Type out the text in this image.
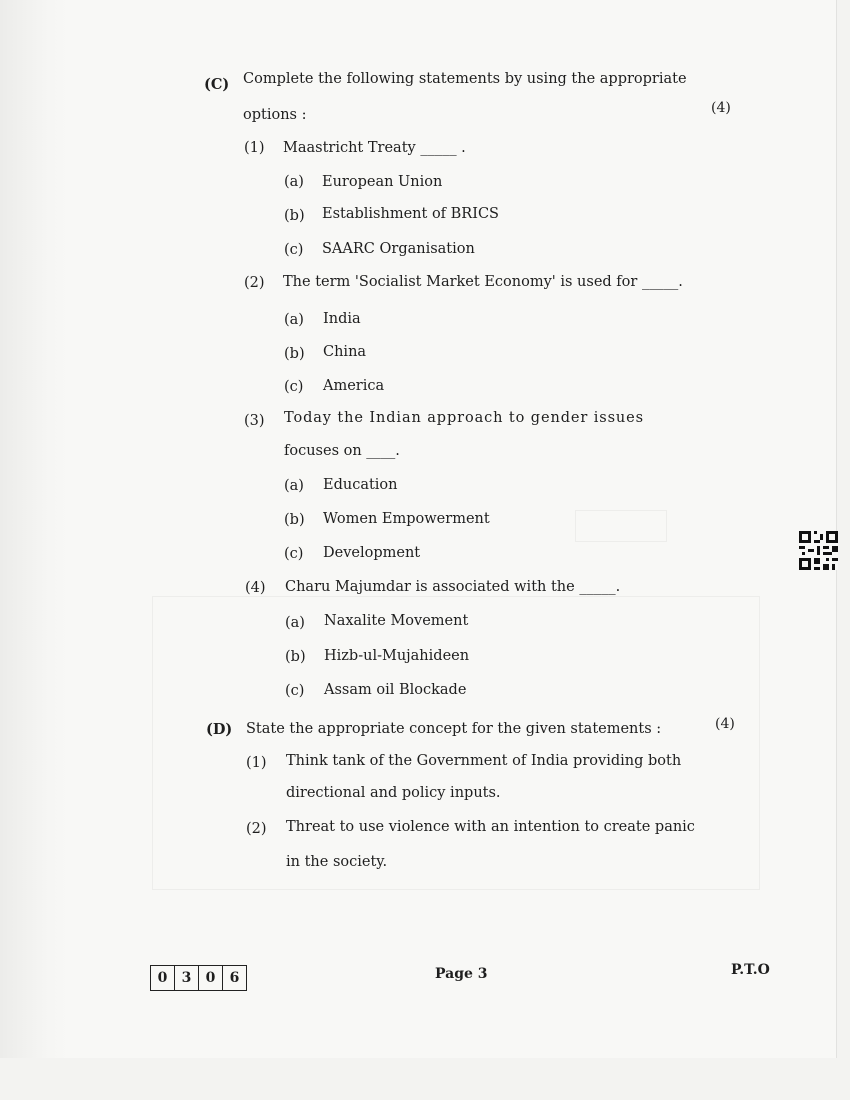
(C) Complete the following statements by using the appropriate
options :	(4)
(1) Maastricht Treaty _____ .
(a) European Union
(b) Establishment of BRICS
(c) SAARC Organisation
(2) The term 'Socialist Market Economy' is used for _____.
(a) India
(b) China
(c) America
(3) Today the Indian approach to gender issues
focuses on ____.
(a) Education
(b) Women Empowerment
(c) Development
(4) Charu Majumdar is associated with the _____.
(a) Naxalite Movement
(b) Hizb-ul-Mujahideen
(c) Assam oil Blockade
(D) State the appropriate concept for the given statements :	(4)
(1) Think tank of the Government of India providing both
directional and policy inputs.
(2) Threat to use violence with an intention to create panic
in the society.
0	3	0	6	Page 3	P.T.O
